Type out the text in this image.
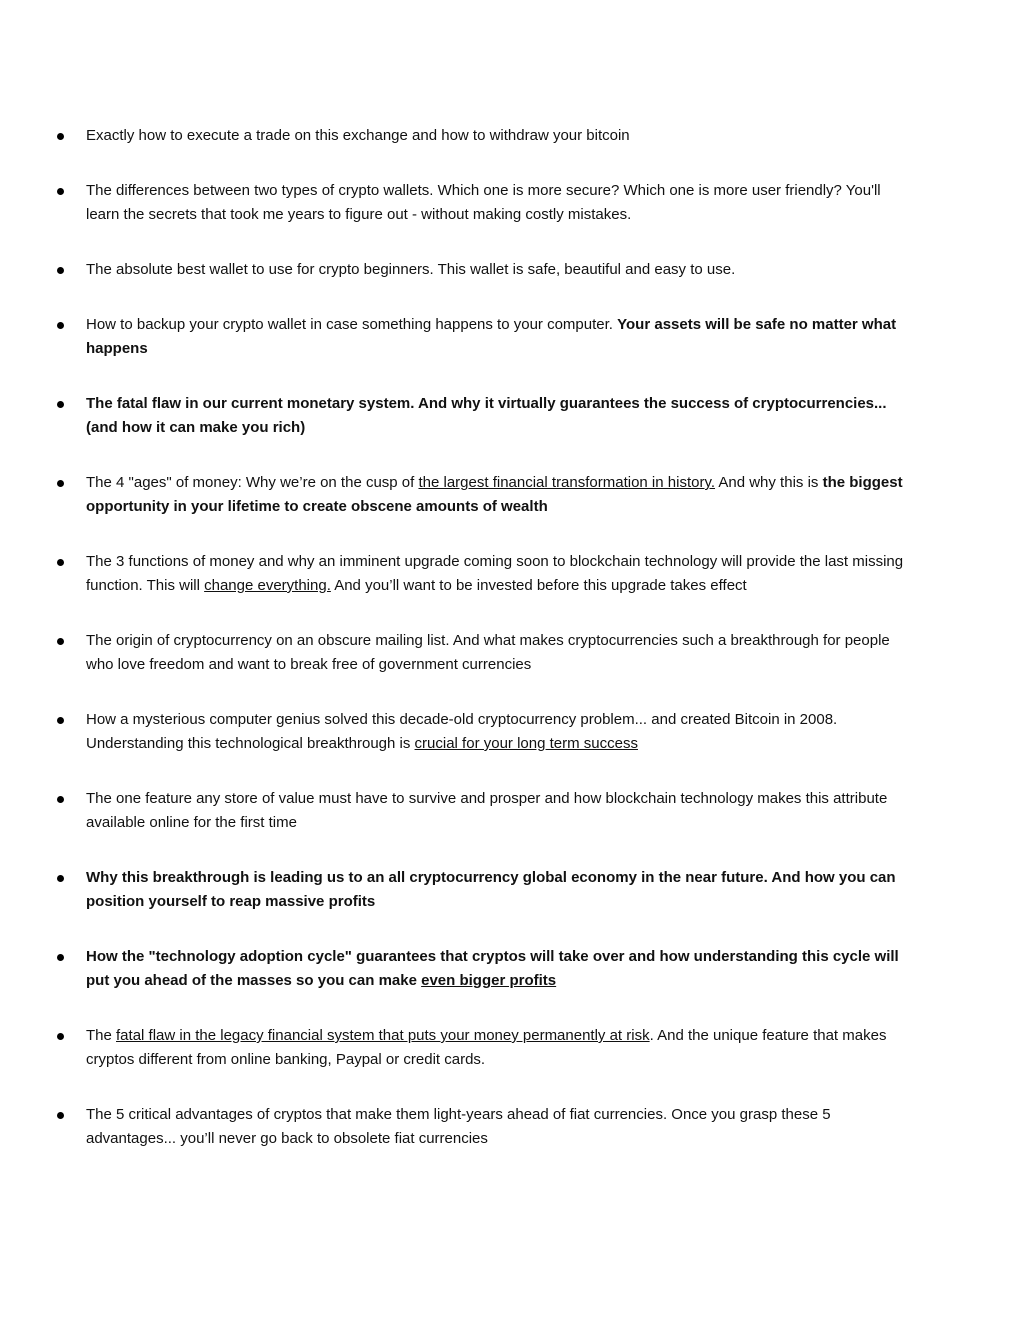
Exactly how to execute a trade on this exchange and how to withdraw your bitcoin
The differences between two types of crypto wallets. Which one is more secure? Which one is more user friendly? You'll learn the secrets that took me years to figure out - without making costly mistakes.
The absolute best wallet to use for crypto beginners. This wallet is safe, beautiful and easy to use.
How to backup your crypto wallet in case something happens to your computer. Your assets will be safe no matter what happens
The fatal flaw in our current monetary system. And why it virtually guarantees the success of cryptocurrencies... (and how it can make you rich)
The 4 "ages" of money: Why we’re on the cusp of the largest financial transformation in history. And why this is the biggest opportunity in your lifetime to create obscene amounts of wealth
The 3 functions of money and why an imminent upgrade coming soon to blockchain technology will provide the last missing function. This will change everything. And you’ll want to be invested before this upgrade takes effect
The origin of cryptocurrency on an obscure mailing list. And what makes cryptocurrencies such a breakthrough for people who love freedom and want to break free of government currencies
How a mysterious computer genius solved this decade-old cryptocurrency problem... and created Bitcoin in 2008. Understanding this technological breakthrough is crucial for your long term success
The one feature any store of value must have to survive and prosper and how blockchain technology makes this attribute available online for the first time
Why this breakthrough is leading us to an all cryptocurrency global economy in the near future. And how you can position yourself to reap massive profits
How the "technology adoption cycle" guarantees that cryptos will take over and how understanding this cycle will put you ahead of the masses so you can make even bigger profits
The fatal flaw in the legacy financial system that puts your money permanently at risk. And the unique feature that makes cryptos different from online banking, Paypal or credit cards.
The 5 critical advantages of cryptos that make them light-years ahead of fiat currencies. Once you grasp these 5 advantages... you’ll never go back to obsolete fiat currencies
